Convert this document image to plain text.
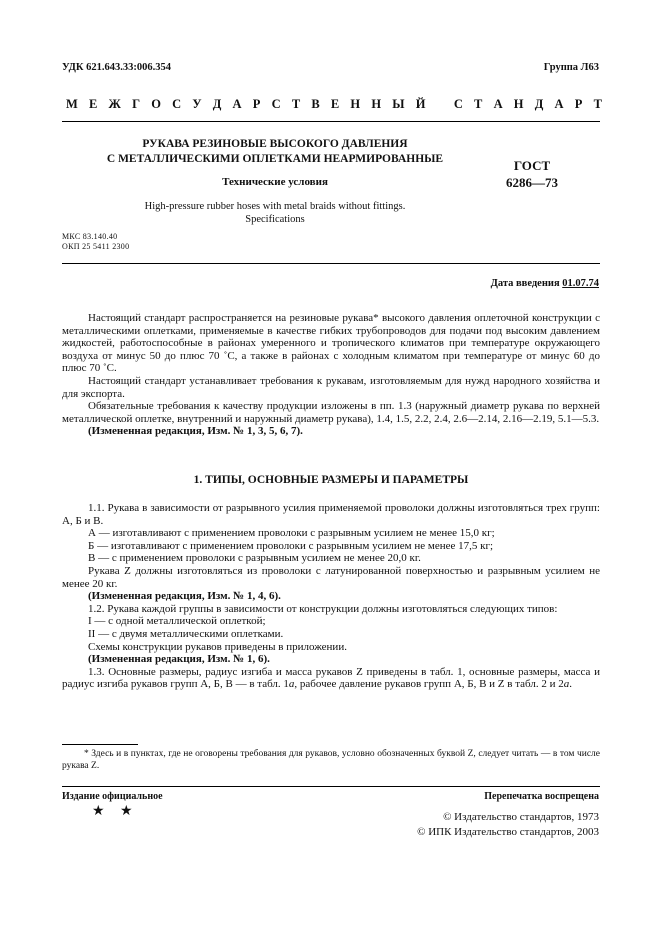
УДК 621.643.33:006.354	Группа Л63
М Е Ж Г О С У Д А Р С Т В Е Н Н Ы Й С Т А Н Д А Р Т
РУКАВА РЕЗИНОВЫЕ ВЫСОКОГО ДАВЛЕНИЯ
С МЕТАЛЛИЧЕСКИМИ ОПЛЕТКАМИ НЕАРМИРОВАННЫЕ
Технические условия
ГОСТ
6286—73
High-pressure rubber hoses with metal braids without fittings.
Specifications
МКС 83.140.40
ОКП 25 5411 2300
Дата введения 01.07.74

Настоящий стандарт распространяется на резиновые рукава* высокого давления оплеточной конструкции с металлическими оплетками, применяемые в качестве гибких трубопроводов для подачи под высоким давлением жидкостей, работоспособные в районах умеренного и тропического климатов при температуре окружающего воздуха от минус 50 до плюс 70 ˚С, а также в районах с холодным климатом при температуре от минус 60 до плюс 70 ˚С.

Настоящий стандарт устанавливает требования к рукавам, изготовляемым для нужд народного хозяйства и для экспорта.

Обязательные требования к качеству продукции изложены в пп. 1.3 (наружный диаметр рукава по верхней металлической оплетке, внутренний и наружный диаметр рукава), 1.4, 1.5, 2.2, 2.4, 2.6—2.14, 2.16—2.19, 5.1—5.3.

(Измененная редакция, Изм. № 1, 3, 5, 6, 7).

1. ТИПЫ, ОСНОВНЫЕ РАЗМЕРЫ И ПАРАМЕТРЫ

1.1. Рукава в зависимости от разрывного усилия применяемой проволоки должны изготовляться трех групп: А, Б и В.

А — изготавливают с применением проволоки с разрывным усилием не менее 15,0 кг;

Б — изготавливают с применением проволоки с разрывным усилием не менее 17,5 кг;

В — с применением проволоки с разрывным усилием не менее 20,0 кг.

Рукава Z должны изготовляться из проволоки с латунированной поверхностью и разрывным усилием не менее 20 кг.

(Измененная редакция, Изм. № 1, 4, 6).

1.2. Рукава каждой группы в зависимости от конструкции должны изготовляться следующих типов:

I — с одной металлической оплеткой;

II — с двумя металлическими оплетками.

Схемы конструкции рукавов приведены в приложении.

(Измененная редакция, Изм. № 1, 6).

1.3. Основные размеры, радиус изгиба и масса рукавов Z приведены в табл. 1, основные размеры, масса и радиус изгиба рукавов групп А, Б, В — в табл. 1а, рабочее давление рукавов групп А, Б, В и Z в табл. 2 и 2а.

* Здесь и в пунктах, где не оговорены требования для рукавов, условно обозначенных буквой Z, следует читать — в том числе рукава Z.

Издание официальное	Перепечатка воспрещена
★ ★	© Издательство стандартов, 1973
© ИПК Издательство стандартов, 2003
